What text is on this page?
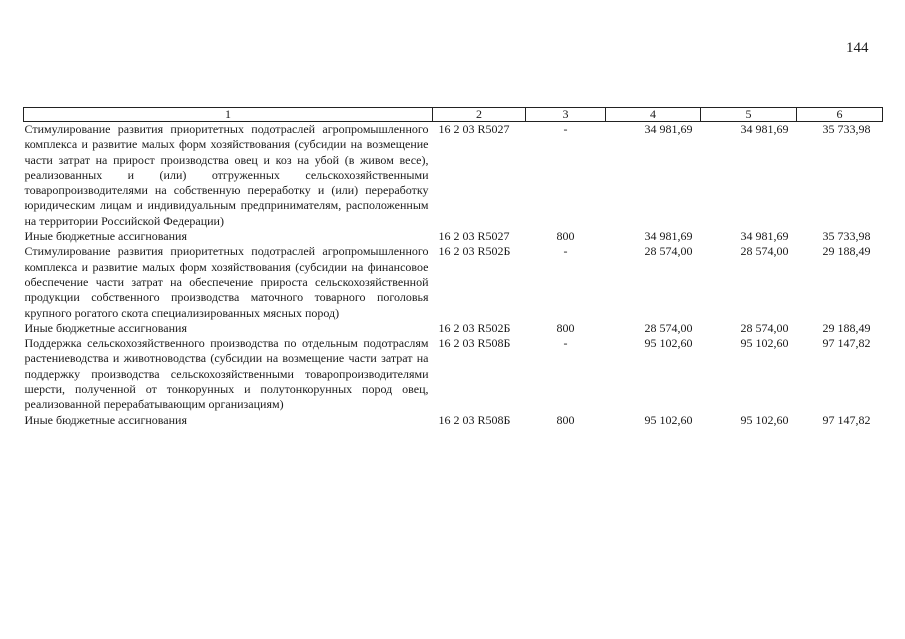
144
1	2	3	4	5	6
Стимулирование развития приоритетных подотраслей агропромышленного комплекса и развитие малых форм хозяйствования (субсидии на возмещение части затрат на прирост производства овец и коз на убой (в живом весе), реализованных и (или) отгруженных сельскохозяйственными товаропроизводителями на собственную переработку и (или) переработку юридическим лицам и индивидуальным предпринимателям, расположенным на территории Российской Федерации)	16 2 03 R5027	-	34 981,69	34 981,69	35 733,98
Иные бюджетные ассигнования	16 2 03 R5027	800	34 981,69	34 981,69	35 733,98
Стимулирование развития приоритетных подотраслей агропромышленного комплекса и развитие малых форм хозяйствования (субсидии на финансовое обеспечение части затрат на обеспечение прироста сельскохозяйственной продукции собственного производства маточного товарного поголовья крупного рогатого скота специализированных мясных пород)	16 2 03 R502Б	-	28 574,00	28 574,00	29 188,49
Иные бюджетные ассигнования	16 2 03 R502Б	800	28 574,00	28 574,00	29 188,49
Поддержка сельскохозяйственного производства по отдельным подотраслям растениеводства и животноводства (субсидии на возмещение части затрат на поддержку производства сельскохозяйственными товаропроизводителями шерсти, полученной от тонкорунных и полутонкорунных пород овец, реализованной перерабатывающим организациям)	16 2 03 R508Б	-	95 102,60	95 102,60	97 147,82
Иные бюджетные ассигнования	16 2 03 R508Б	800	95 102,60	95 102,60	97 147,82
